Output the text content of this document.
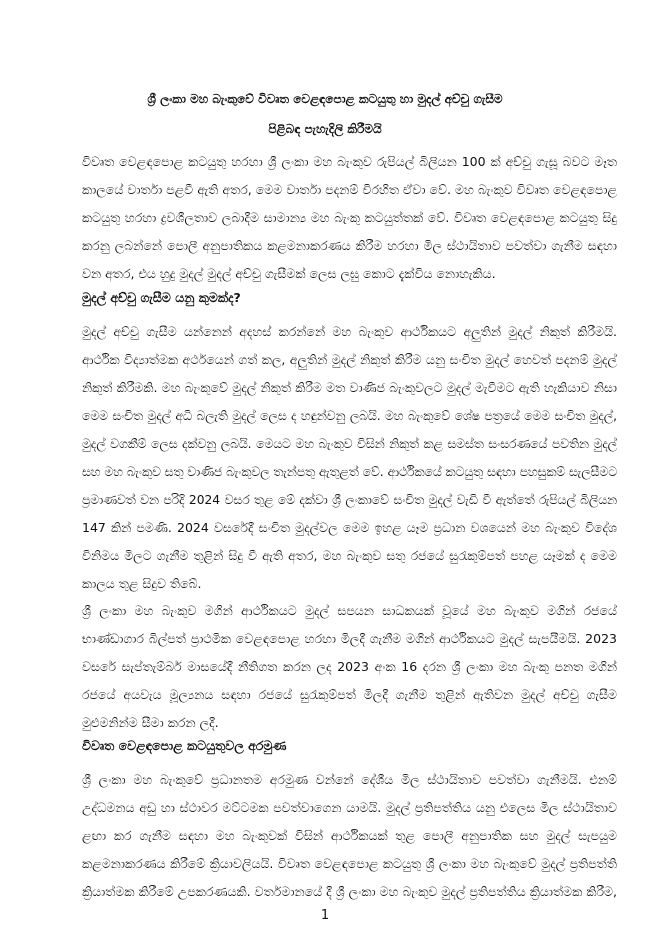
ශ්‍රී ලංකා මහ බැංකුවේ විවෘත වෙළඳපොළ කටයුතු හා මුදල් අච්චු ගැසීම
පිළිබඳ පැහැදිලි කිරීමයි
විවෘත වෙළඳපොළ කටයුතු හරහා ශ්‍රී ලංකා මහ බැංකුව රුපියල් බිලියන 100 ක් අච්චු ගැසූ බවට මෑත
කාලයේ වාර්තා පළවී ඇති අතර, මෙම වාර්තා පදනම් විරහිත ඒවා වේ. මහ බැංකුව විවෘත වෙළඳපොළ
කටයුතු හරහා ද්‍රවශීලතාව ලබාදීම සාමාන්‍ය මහ බැංකු කටයුත්තක් වේ. විවෘත වෙළඳපොළ කටයුතු සිදු
කරනු ලබන්නේ පොලී අනුපාතිකය කළමනාකරණය කිරීම හරහා මිල ස්ථායිතාව පවත්වා ගැනීම සඳහා
වන අතර, එය හුදු මුදල් මුදල් අච්චු ගැසීමක් ලෙස ලඝු කොට දැක්විය නොහැකිය.
මුදල් අච්චු ගැසීම යනු කුමක්ද?
මුදල් අච්චු ගැසීම යන්නෙන් අදහස් කරන්නේ මහ බැංකුව ආර්ථිකයට අලුතින් මුදල් නිකුත් කිරීමයි.
ආර්ථික විද්‍යාත්මක අර්ථයෙන් ගත් කල, අලුතින් මුදල් නිකුත් කිරීම යනු සංචිත මුදල් හෙවත් පදනම් මුදල්
නිකුත් කිරීමකි. මහ බැංකුවේ මුදල් නිකුත් කිරීම මත වාණිජ බැංකුවලට මුදල් මැවීමට ඇති හැකියාව නිසා
මෙම සංචිත මුදල් අධි බලැති මුදල් ලෙස ද හඳුන්වනු ලබයි. මහ බැංකුවේ ශේෂ පත්‍රයේ මෙම සංචිත මුදල්,
මුදල් වගකීම් ලෙස දක්වනු ලබයි. මෙයට මහ බැංකුව විසින් නිකුත් කළ සමස්ත සංසරණයේ පවතින මුදල්
සහ මහ බැංකුව සතු වාණිජ බැංකුවල තැන්පතු ඇතුළත් වේ. ආර්ථිකයේ කටයුතු සඳහා පහසුකම් සැලසීමට
ප්‍රමාණවත් වන පරිදි 2024 වසර තුළ මේ දක්වා ශ්‍රී ලංකාවේ සංචිත මුදල් වැඩි වී ඇත්තේ රුපියල් බිලියන
147 කින් පමණි. 2024 වසරේදී සංචිත මුදල්වල මෙම ඉහළ යෑම ප්‍රධාන වශයෙන් මහ බැංකුව විදේශ
විනිමය මිලට ගැනීම තුළින් සිදු වී ඇති අතර, මහ බැංකුව සතු රජයේ සුරැකුම්පත් පහළ යෑමක් ද මෙම
කාලය තුළ සිදුව තිබේ.
ශ්‍රී ලංකා මහ බැංකුව මගින් ආර්ථිකයට මුදල් සපයන සාධකයක් වූයේ මහ බැංකුව මගින් රජයේ
භාණ්ඩාගාර බිල්පත් ප්‍රාථමික වෙළඳපොළ හරහා මිලදී ගැනීම මගින් ආර්ථිකයට මුදල් සැපයීමයි. 2023
වසරේ සැප්තැම්බර් මාසයේදී නීතිගත කරන ලද 2023 අංක 16 දරන ශ්‍රී ලංකා මහ බැංකු පනත මගින්
රජයේ අයවැය මූල්‍යනය සඳහා රජයේ සුරැකුම්පත් මිලදී ගැනීම තුළින් ඇතිවන මුදල් අච්චු ගැසීම
මුළුමනින්ම සීමා කරන ලදී.
විවෘත වෙළඳපොළ කටයුතුවල අරමුණ
ශ්‍රී ලංකා මහ බැංකුවේ ප්‍රධානතම අරමුණ වන්නේ දේශීය මිල ස්ථායිතාව පවත්වා ගැනීමයි. එනම්
උද්ධමනය අඩු හා ස්ථාවර මට්ටමක පවත්වාගෙන යාමයි. මුදල් ප්‍රතිපත්තිය යනු එලෙස මිල ස්ථායිතාව
ළඟා කර ගැනීම සඳහා මහ බැංකුවක් විසින් ආර්ථිකයක් තුළ පොලී අනුපාතික සහ මුදල් සැපයුම
කළමනාකරණය කිරීමේ ක්‍රියාවලියයි. විවෘත වෙළඳපොළ කටයුතු ශ්‍රී ලංකා මහ බැංකුවේ මුදල් ප්‍රතිපත්ති
ක්‍රියාත්මක කිරීමේ උපකරණයකි. වර්තමානයේ දී ශ්‍රී ලංකා මහ බැංකුව මුදල් ප්‍රතිපත්තිය ක්‍රියාත්මක කිරීම,
1
